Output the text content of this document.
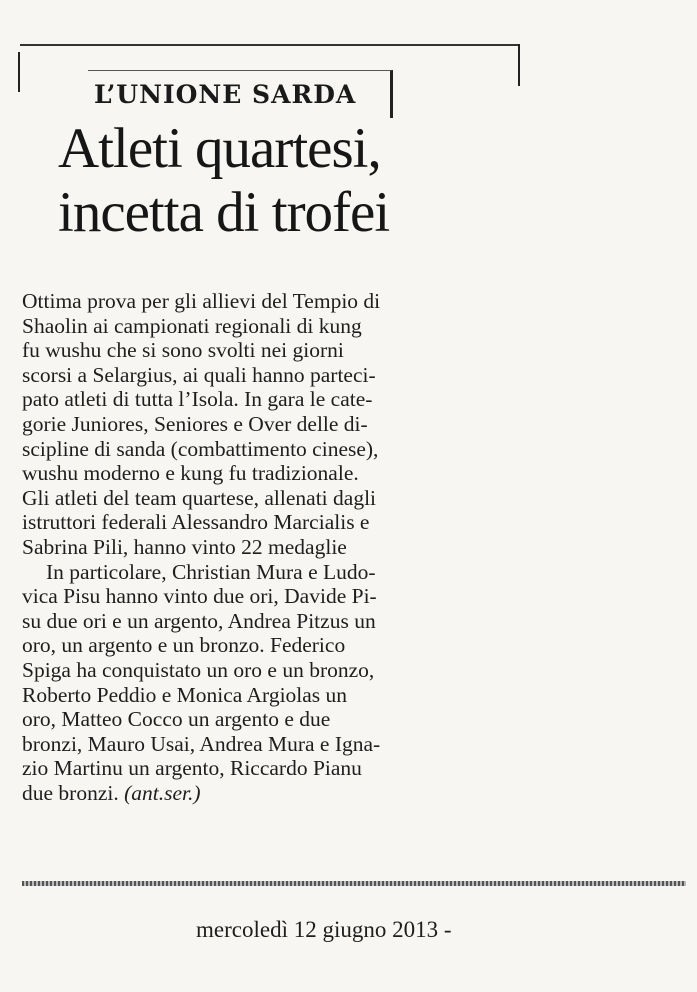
L’UNIONE SARDA
Atleti quartesi,
incetta di trofei
Ottima prova per gli allievi del Tempio di
Shaolin ai campionati regionali di kung
fu wushu che si sono svolti nei giorni
scorsi a Selargius, ai quali hanno parteci-
pato atleti di tutta l’Isola. In gara le cate-
gorie Juniores, Seniores e Over delle di-
scipline di sanda (combattimento cinese),
wushu moderno e kung fu tradizionale.
Gli atleti del team quartese, allenati dagli
istruttori federali Alessandro Marcialis e
Sabrina Pili, hanno vinto 22 medaglie
In particolare, Christian Mura e Ludo-
vica Pisu hanno vinto due ori, Davide Pi-
su due ori e un argento, Andrea Pitzus un
oro, un argento e un bronzo. Federico
Spiga ha conquistato un oro e un bronzo,
Roberto Peddio e Monica Argiolas un
oro, Matteo Cocco un argento e due
bronzi, Mauro Usai, Andrea Mura e Igna-
zio Martinu un argento, Riccardo Pianu
due bronzi. (ant.ser.)
mercoledì 12 giugno 2013 -
